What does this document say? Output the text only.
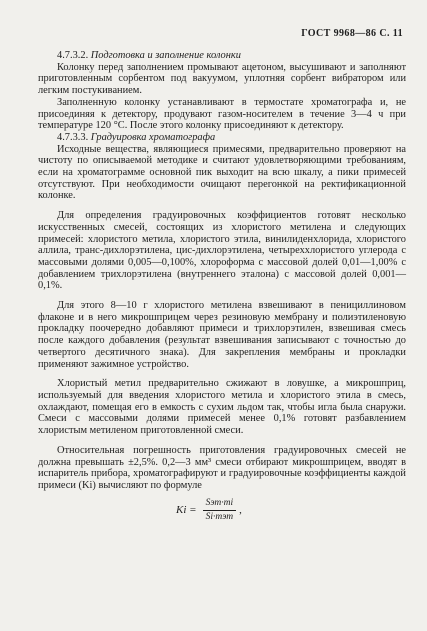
ГОСТ 9968—86 С. 11

4.7.3.2. Подготовка и заполнение колонки

Колонку перед заполнением промывают ацетоном, высушивают и заполняют приготовленным сорбентом под вакуумом, уплотняя сорбент вибратором или легким постукиванием.

Заполненную колонку устанавливают в термостате хроматографа и, не присоединяя к детектору, продувают газом-носителем в течение 3—4 ч при температуре 120 °С. После этого колонку присоединяют к детектору.

4.7.3.3. Градуировка хроматографа

Исходные вещества, являющиеся примесями, предварительно проверяют на чистоту по описываемой методике и считают удовлетворяющими требованиям, если на хроматограмме основной пик выходит на всю шкалу, а пики примесей отсутствуют. При необходимости очищают перегонкой на ректификационной колонке.

Для определения градуировочных коэффициентов готовят несколько искусственных смесей, состоящих из хлористого метилена и следующих примесей: хлористого метила, хлористого этила, винилиденхлорида, хлористого аллила, транс-дихлорэтилена, цис-дихлорэтилена, четыреххлористого углерода с массовыми долями 0,005—0,100%, хлороформа с массовой долей 0,01—1,00% с добавлением трихлорэтилена (внутреннего эталона) с массовой долей 0,001—0,1%.

Для этого 8—10 г хлористого метилена взвешивают в пенициллиновом флаконе и в него микрошприцем через резиновую мембрану и полиэтиленовую прокладку поочередно добавляют примеси и трихлорэтилен, взвешивая смесь после каждого добавления (результат взвешивания записывают с точностью до четвертого десятичного знака). Для закрепления мембраны и прокладки применяют зажимное устройство.

Хлористый метил предварительно сжижают в ловушке, а микрошприц, используемый для введения хлористого метила и хлористого этила в смесь, охлаждают, помещая его в емкость с сухим льдом так, чтобы игла была снаружи. Смеси с массовыми долями примесей менее 0,1% готовят разбавлением хлористым метиленом приготовленной смеси.

Относительная погрешность приготовления градуировочных смесей не должна превышать ±2,5%. 0,2—3 мм³ смеси отбирают микрошприцем, вводят в испаритель прибора, хроматографируют и градуировочные коэффициенты каждой примеси (Ki) вычисляют по формуле

$Ki = \frac{\text{Sэт·mi}}{\text{Si·mэт}}$ ,
